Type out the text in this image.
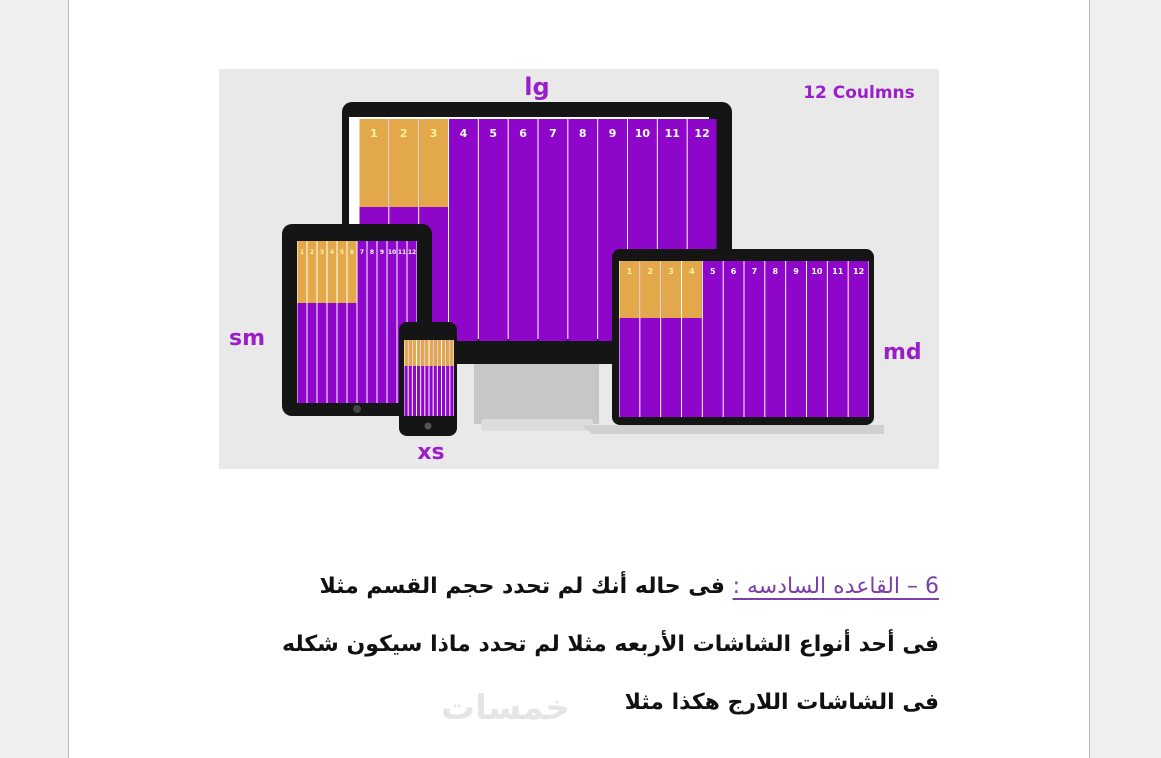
1 2 3 4 5 6 7 8 9 10 11 12
1 2 3 4 5 6 7 8 9 10 11 12
1 2 3 4 5 6 7 8 9 10 11 12
lg	12 Coulmns
sm
md
xs
6 – القاعده السادسه : فى حاله أنك لم تحدد حجم القسم مثلا
فى أحد أنواع الشاشات الأربعه مثلا لم تحدد ماذا سيكون شكله
فى الشاشات اللارج هكذا مثلا
خمسات
